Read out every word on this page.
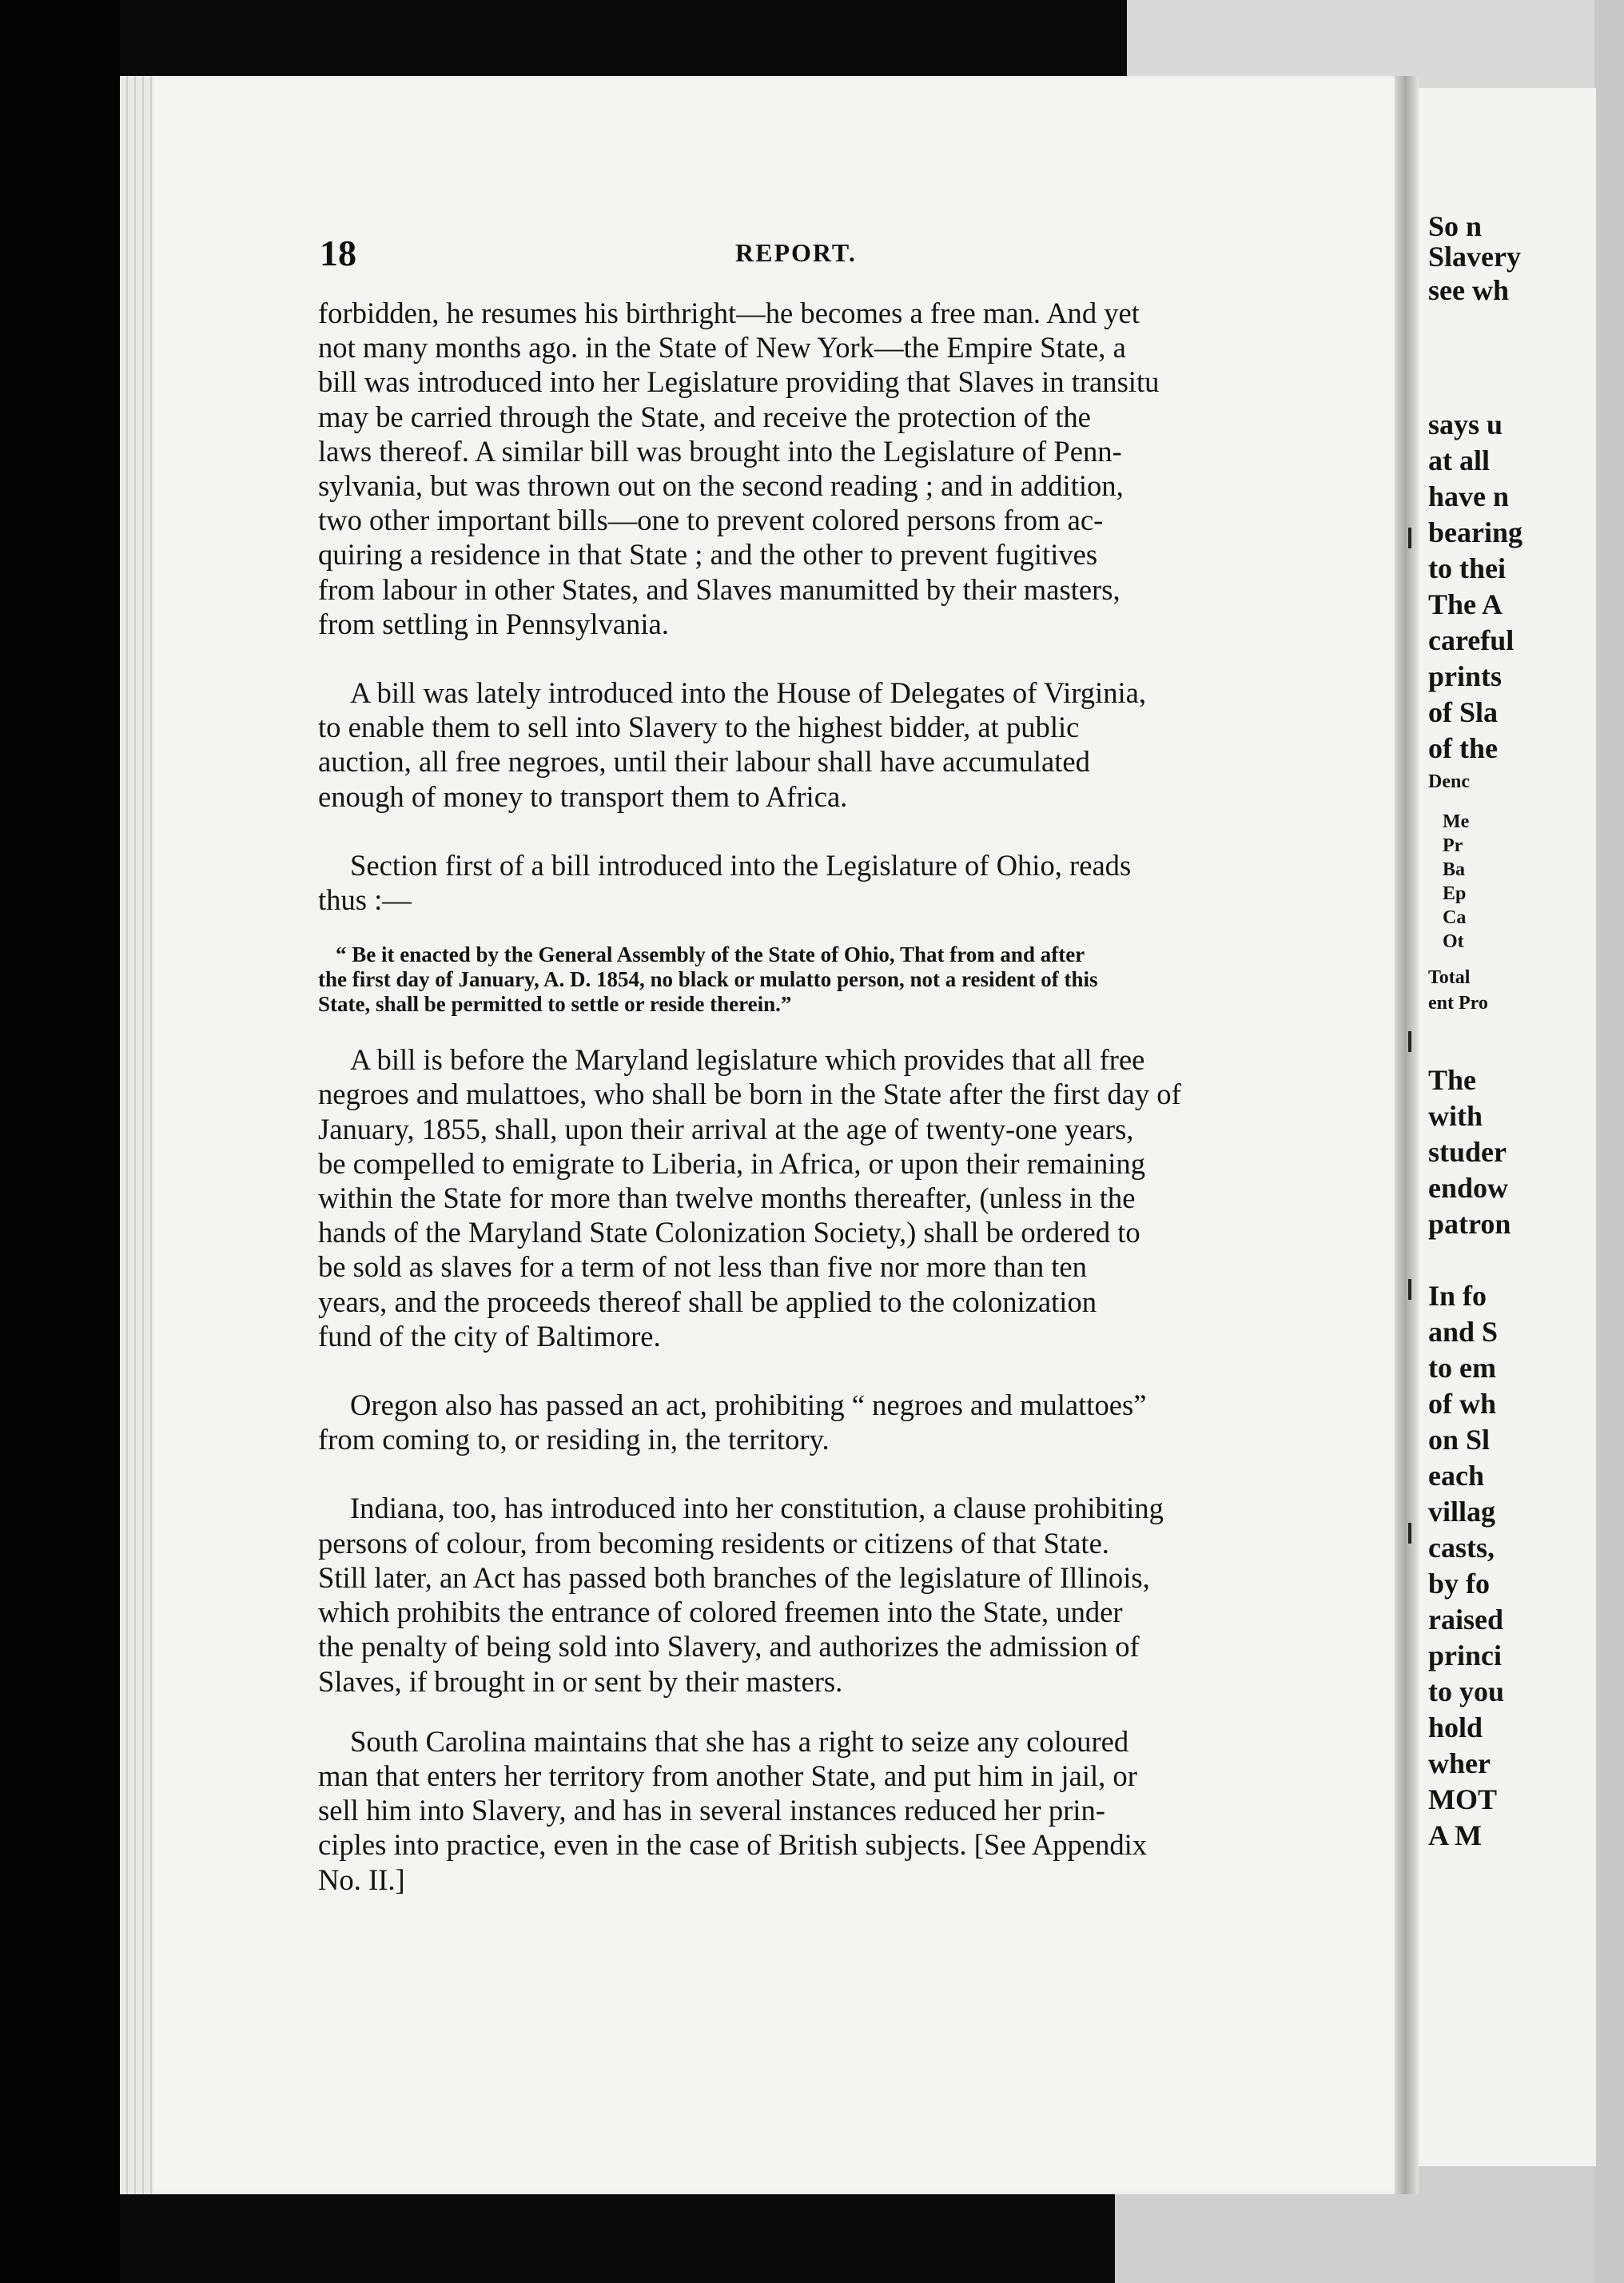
18	REPORT.
forbidden, he resumes his birthright—he becomes a free man. And yet
not many months ago. in the State of New York—the Empire State, a
bill was introduced into her Legislature providing that Slaves in transitu
may be carried through the State, and receive the protection of the
laws thereof. A similar bill was brought into the Legislature of Penn-
sylvania, but was thrown out on the second reading ; and in addition,
two other important bills—one to prevent colored persons from ac-
quiring a residence in that State ; and the other to prevent fugitives
from labour in other States, and Slaves manumitted by their masters,
from settling in Pennsylvania.
A bill was lately introduced into the House of Delegates of Virginia,
to enable them to sell into Slavery to the highest bidder, at public
auction, all free negroes, until their labour shall have accumulated
enough of money to transport them to Africa.
Section first of a bill introduced into the Legislature of Ohio, reads
thus :—
“ Be it enacted by the General Assembly of the State of Ohio, That from and after
the first day of January, A. D. 1854, no black or mulatto person, not a resident of this
State, shall be permitted to settle or reside therein.”
A bill is before the Maryland legislature which provides that all free
negroes and mulattoes, who shall be born in the State after the first day of
January, 1855, shall, upon their arrival at the age of twenty-one years,
be compelled to emigrate to Liberia, in Africa, or upon their remaining
within the State for more than twelve months thereafter, (unless in the
hands of the Maryland State Colonization Society,) shall be ordered to
be sold as slaves for a term of not less than five nor more than ten
years, and the proceeds thereof shall be applied to the colonization
fund of the city of Baltimore.
Oregon also has passed an act, prohibiting “ negroes and mulattoes”
from coming to, or residing in, the territory.
Indiana, too, has introduced into her constitution, a clause prohibiting
persons of colour, from becoming residents or citizens of that State.
Still later, an Act has passed both branches of the legislature of Illinois,
which prohibits the entrance of colored freemen into the State, under
the penalty of being sold into Slavery, and authorizes the admission of
Slaves, if brought in or sent by their masters.
South Carolina maintains that she has a right to seize any coloured
man that enters her territory from another State, and put him in jail, or
sell him into Slavery, and has in several instances reduced her prin-
ciples into practice, even in the case of British subjects. [See Appendix
No. II.]
So n
Slavery
see wh
says u
at all
have n
bearing
to thei
The A
careful
prints
of Sla
of the
Denc
Me
Pr
Ba
Ep
Ca
Ot
Total
ent Pro
The
with
studer
endow
patron
In fo
and S
to em
of wh
on Sl
each
villag
casts,
by fo
raised
princi
to you
hold
wher
MOT
A M
